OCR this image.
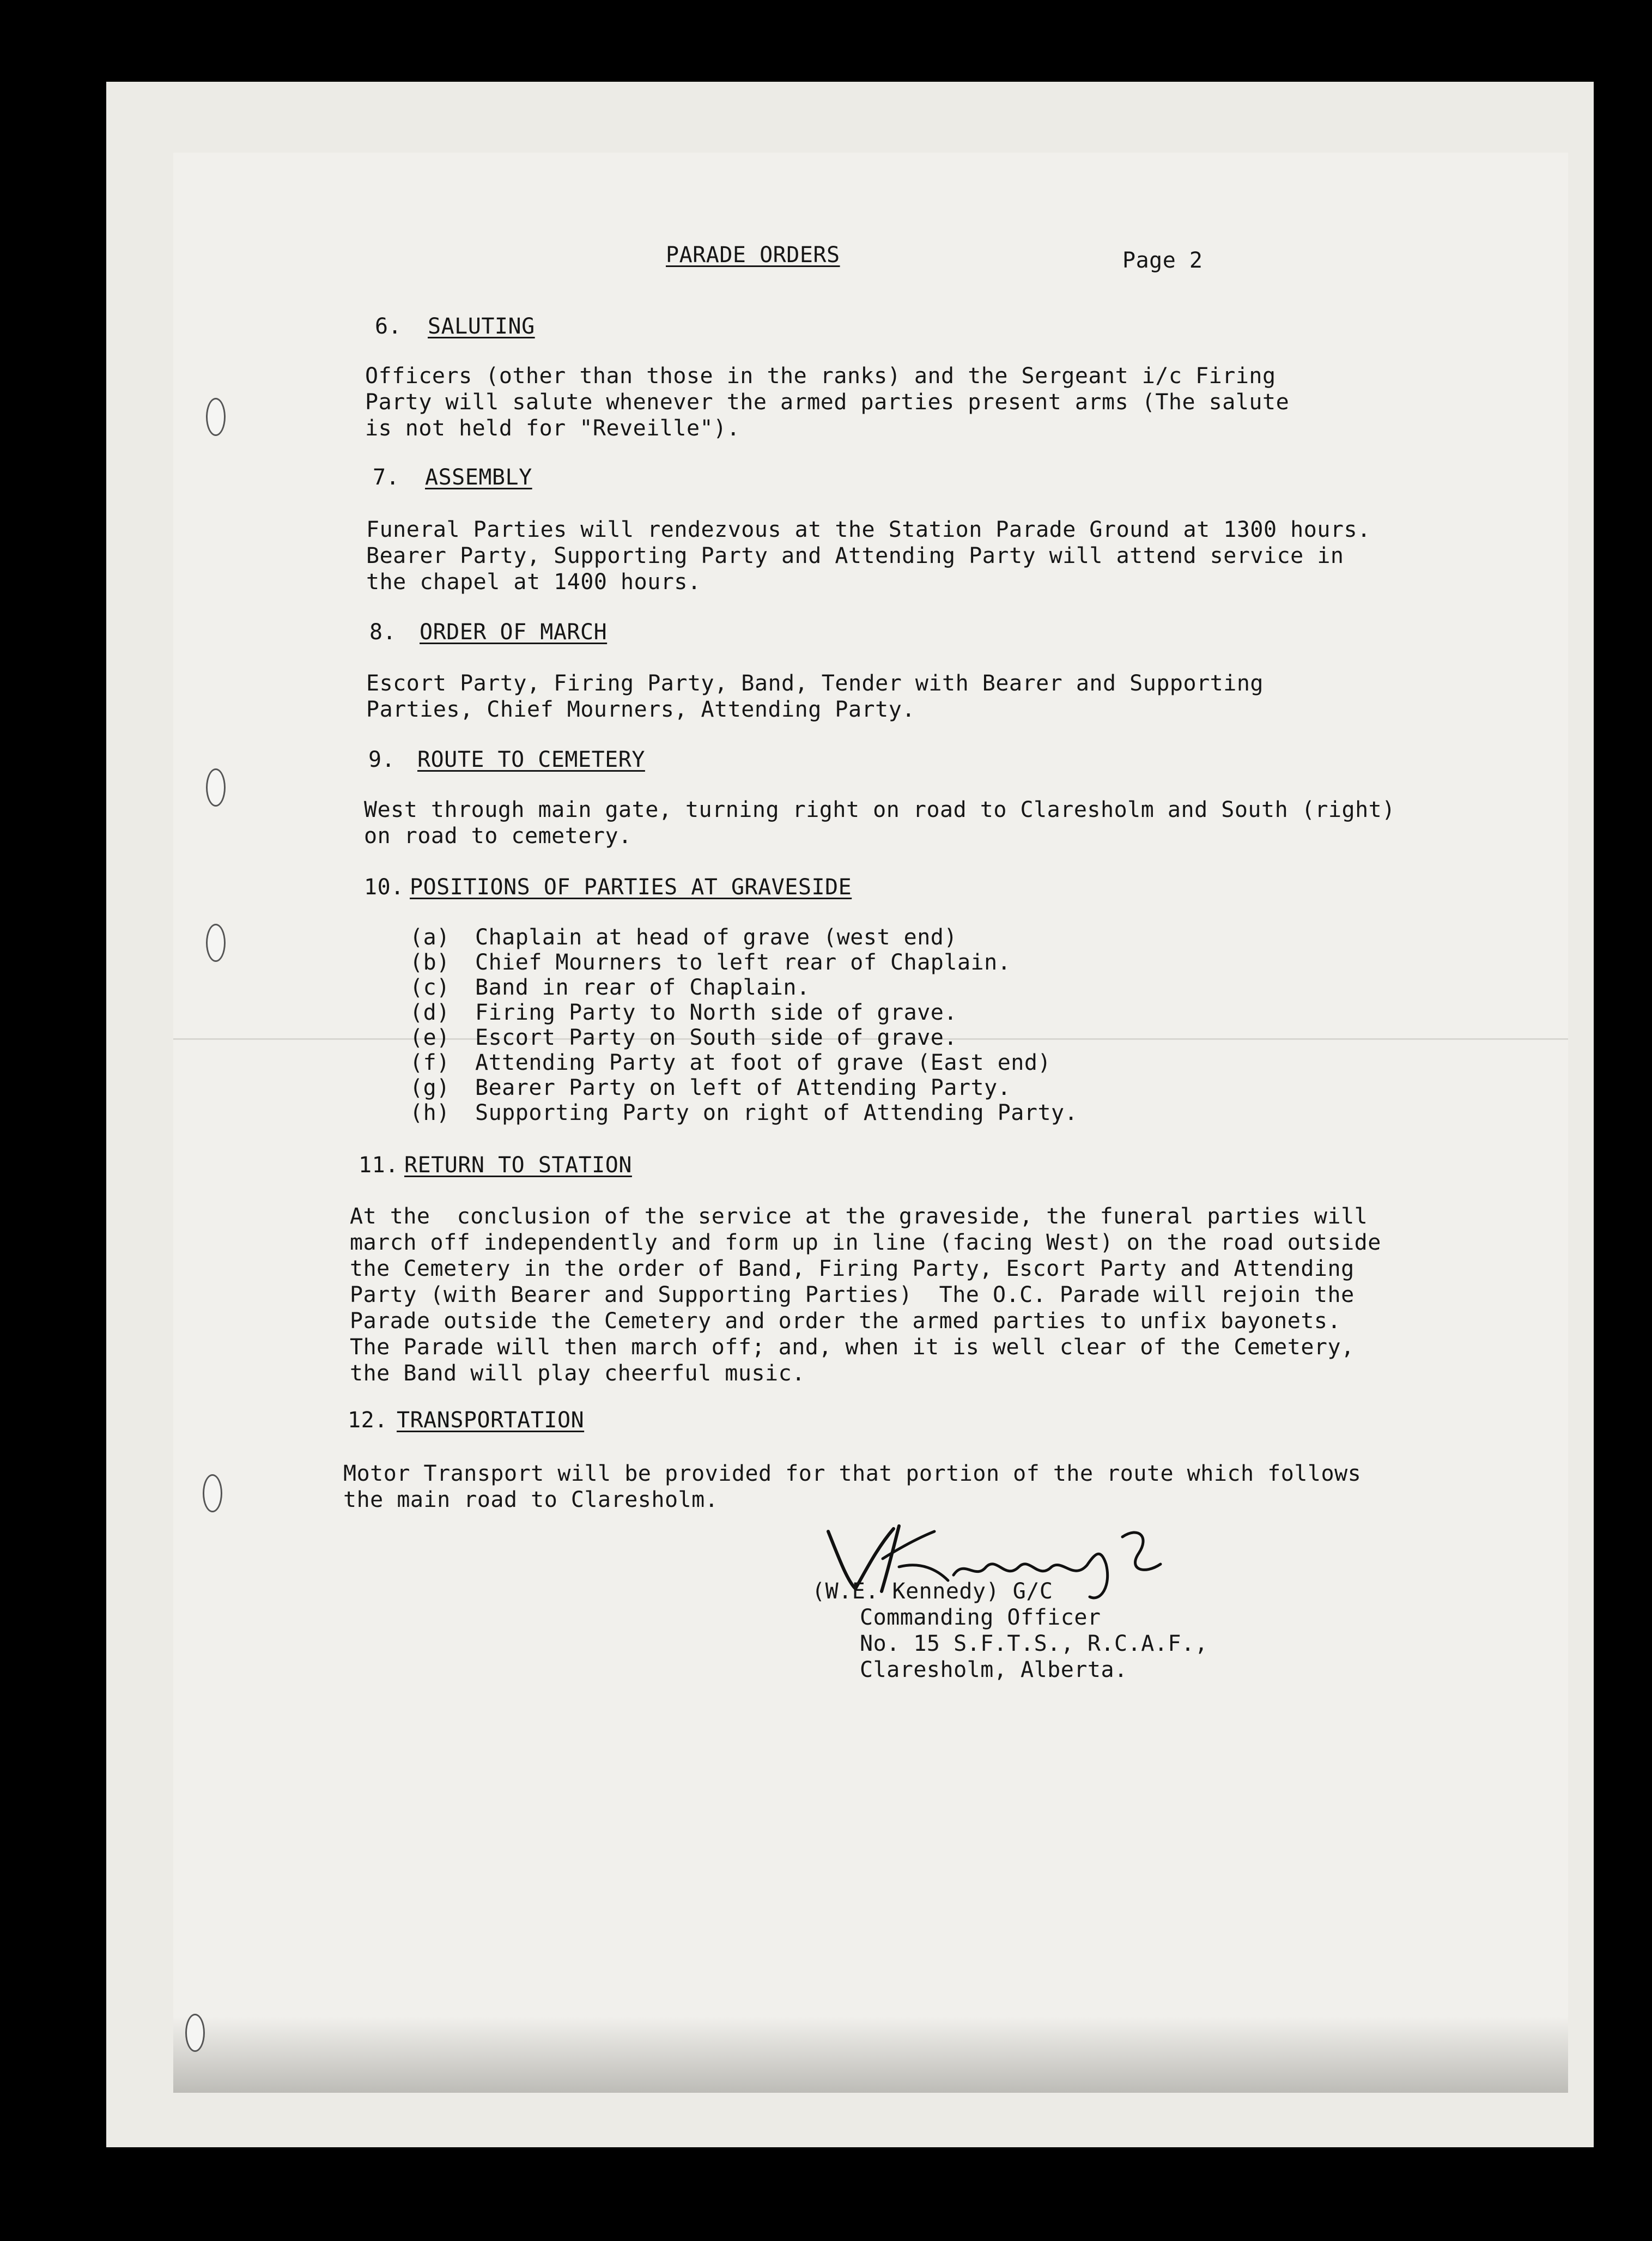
PARADE ORDERS	Page 2
6. SALUTING
Officers (other than those in the ranks) and the Sergeant i/c Firing
Party will salute whenever the armed parties present arms (The salute
is not held for "Reveille").
7. ASSEMBLY
Funeral Parties will rendezvous at the Station Parade Ground at 1300 hours.
Bearer Party, Supporting Party and Attending Party will attend service in
the chapel at 1400 hours.
8. ORDER OF MARCH
Escort Party, Firing Party, Band, Tender with Bearer and Supporting
Parties, Chief Mourners, Attending Party.
9. ROUTE TO CEMETERY
West through main gate, turning right on road to Claresholm and South (right)
on road to cemetery.
10. POSITIONS OF PARTIES AT GRAVESIDE
(a) Chaplain at head of grave (west end)
(b) Chief Mourners to left rear of Chaplain.
(c) Band in rear of Chaplain.
(d) Firing Party to North side of grave.
(e) Escort Party on South side of grave.
(f) Attending Party at foot of grave (East end)
(g) Bearer Party on left of Attending Party.
(h) Supporting Party on right of Attending Party.
11. RETURN TO STATION
At the  conclusion of the service at the graveside, the funeral parties will
march off independently and form up in line (facing West) on the road outside
the Cemetery in the order of Band, Firing Party, Escort Party and Attending
Party (with Bearer and Supporting Parties)  The O.C. Parade will rejoin the
Parade outside the Cemetery and order the armed parties to unfix bayonets.
The Parade will then march off; and, when it is well clear of the Cemetery,
the Band will play cheerful music.
12. TRANSPORTATION
Motor Transport will be provided for that portion of the route which follows
the main road to Claresholm.
(W.E. Kennedy) G/C
Commanding Officer
No. 15 S.F.T.S., R.C.A.F.,
Claresholm, Alberta.
